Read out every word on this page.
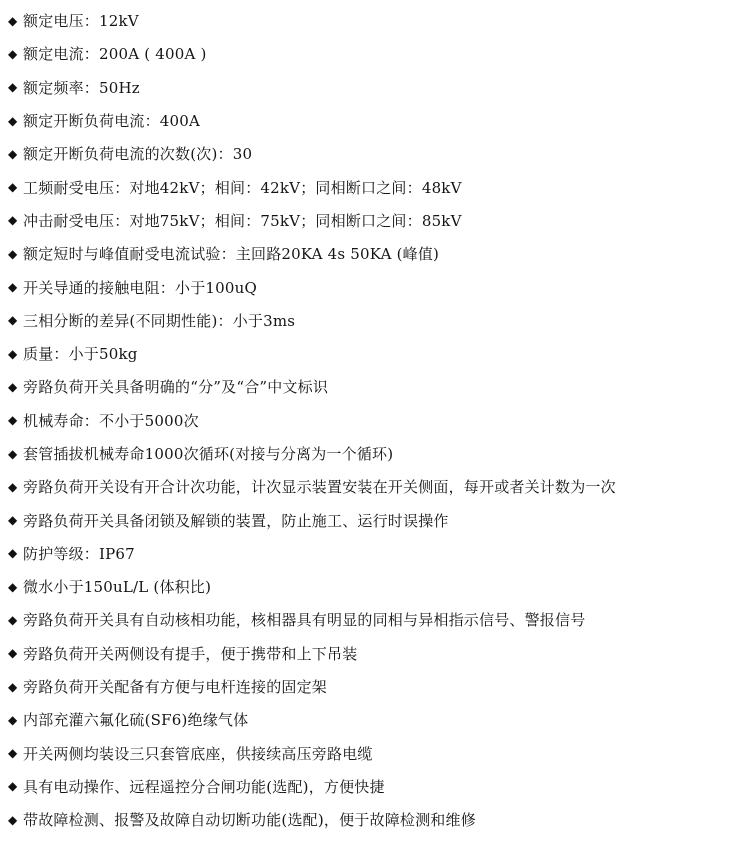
◆ 额定电压：12kV
◆ 额定电流：200A ( 400A )
◆ 额定频率：50Hz
◆ 额定开断负荷电流：400A
◆ 额定开断负荷电流的次数(次)：30
◆ 工频耐受电压：对地42kV；相间：42kV；同相断口之间：48kV
◆ 冲击耐受电压：对地75kV；相间：75kV；同相断口之间：85kV
◆ 额定短时与峰值耐受电流试验：主回路20KA 4s 50KA (峰值)
◆ 开关导通的接触电阻：小于100uQ
◆ 三相分断的差异(不同期性能)：小于3ms
◆ 质量：小于50kg
◆ 旁路负荷开关具备明确的“分”及“合”中文标识
◆ 机械寿命：不小于5000次
◆ 套管插拔机械寿命1000次循环(对接与分离为一个循环)
◆ 旁路负荷开关设有开合计次功能，计次显示装置安装在开关侧面，每开或者关计数为一次
◆ 旁路负荷开关具备闭锁及解锁的装置，防止施工、运行时误操作
◆ 防护等级：IP67
◆ 微水小于150uL/L (体积比)
◆ 旁路负荷开关具有自动核相功能，核相器具有明显的同相与异相指示信号、警报信号
◆ 旁路负荷开关两侧设有提手，便于携带和上下吊装
◆ 旁路负荷开关配备有方便与电杆连接的固定架
◆ 内部充灌六氟化硫(SF6)绝缘气体
◆ 开关两侧均装设三只套管底座，供接续高压旁路电缆
◆ 具有电动操作、远程遥控分合闸功能(选配)，方便快捷
◆ 带故障检测、报警及故障自动切断功能(选配)，便于故障检测和维修
